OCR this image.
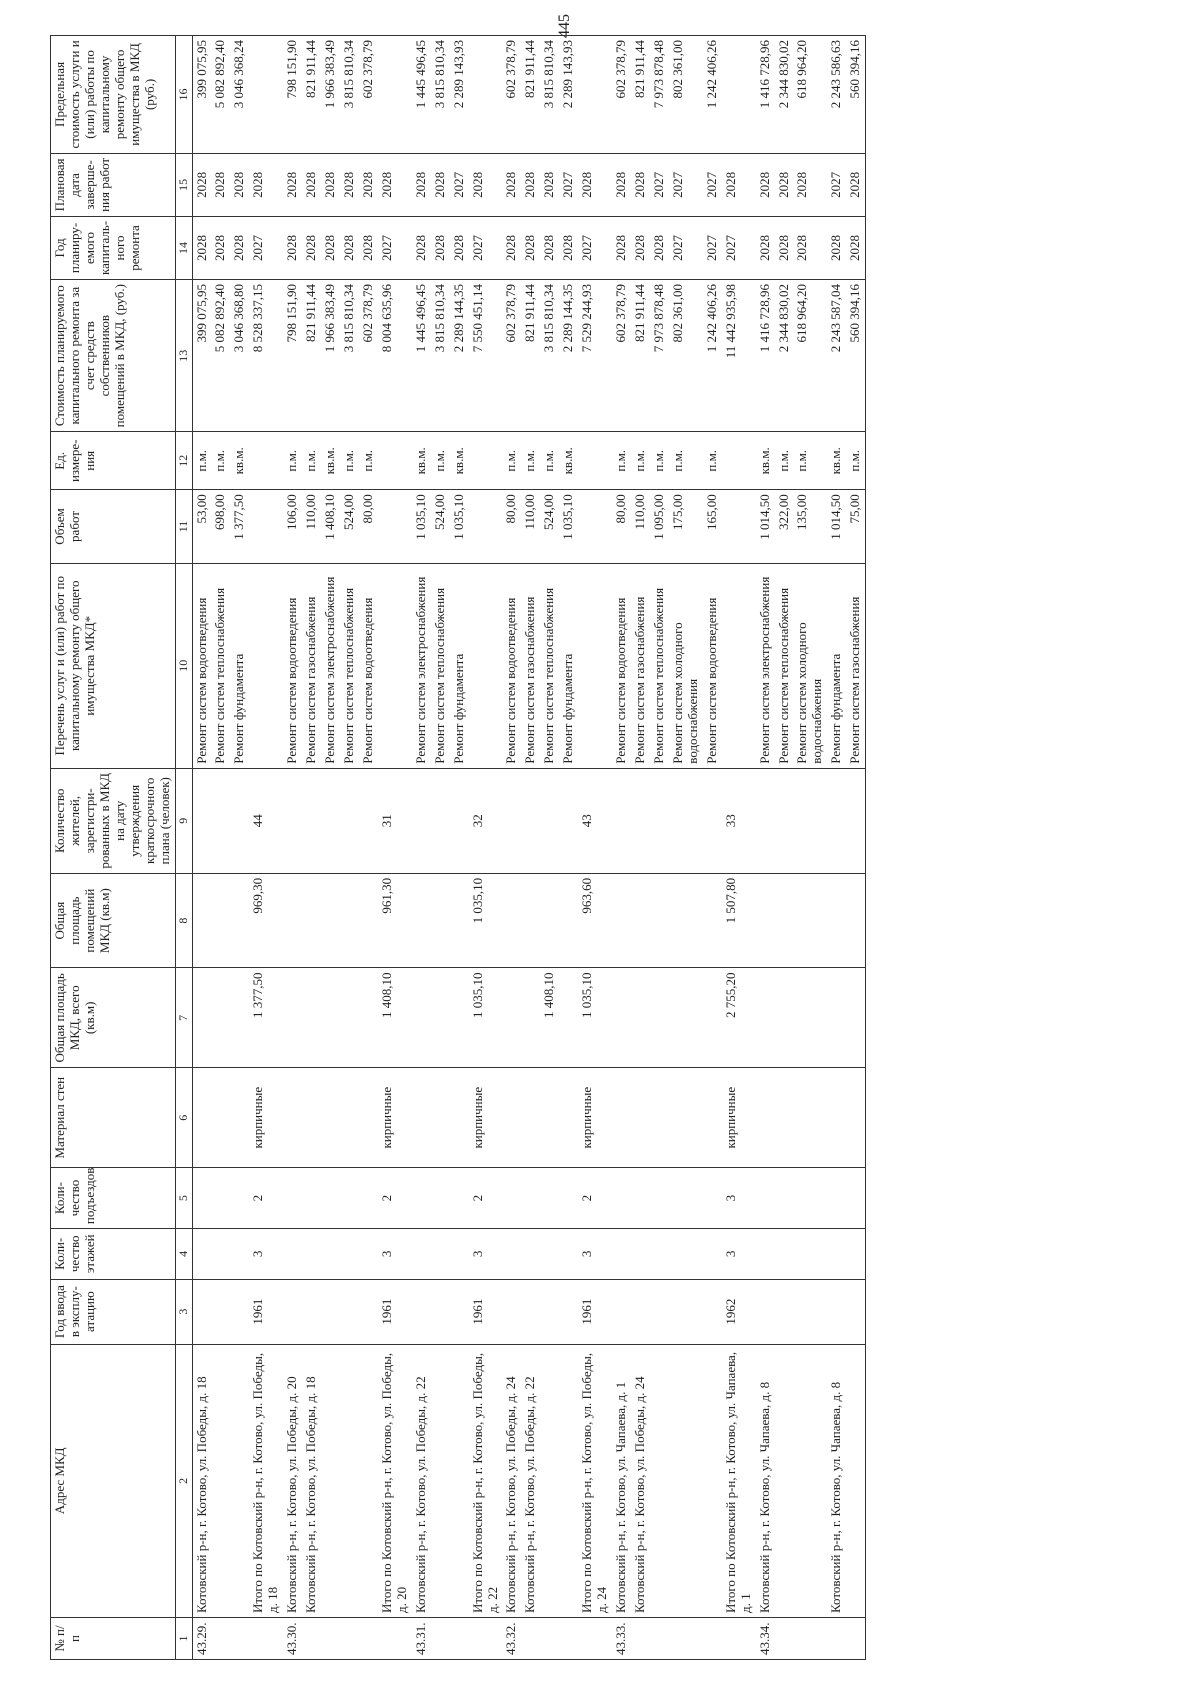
445
№ п/п	Адрес МКД	Год ввода в эксплу-атацию	Коли-чество этажей	Коли-чество подъездов	Материал стен	Общая площадь МКД, всего (кв.м)	Общая площадь помещений МКД (кв.м)	Количество жителей, зарегистри-рованных в МКД на дату утверждения краткосрочного плана (человек)	Перечень услуг и (или) работ по капитальному ремонту общего имущества МКД*	Объем работ	Ед. измере-ния	Стоимость планируемого капитального ремонта за счет средств собственников помещений в МКД, (руб.)	Год планиру-емого капиталь-ного ремонта	Плановая дата заверше-ния работ	Предельная стоимость услуги и (или) работы по капитальному ремонту общего имущества в МКД (руб.)
1	2	3	4	5	6	7	8	9	10	11	12	13	14	15	16
43.29.	Котовский р-н, г. Котово, ул. Победы, д. 18								Ремонт систем водоотведения	53,00	п.м.	399 075,95	2028	2028	399 075,95
									Ремонт систем теплоснабжения	698,00	п.м.	5 082 892,40	2028	2028	5 082 892,40
									Ремонт фундамента	1 377,50	кв.м.	3 046 368,80	2028	2028	3 046 368,24
	Итого по Котовский р-н, г. Котово, ул. Победы, д. 18	1961	3	2	кирпичные	1 377,50	969,30	44				8 528 337,15	2027	2028	
43.30.	Котовский р-н, г. Котово, ул. Победы, д. 20								Ремонт систем водоотведения	106,00	п.м.	798 151,90	2028	2028	798 151,90
	Котовский р-н, г. Котово, ул. Победы, д. 18								Ремонт систем газоснабжения	110,00	п.м.	821 911,44	2028	2028	821 911,44
									Ремонт систем электроснабжения	1 408,10	кв.м.	1 966 383,49	2028	2028	1 966 383,49
									Ремонт систем теплоснабжения	524,00	п.м.	3 815 810,34	2028	2028	3 815 810,34
									Ремонт систем водоотведения	80,00	п.м.	602 378,79	2028	2028	602 378,79
	Итого по Котовский р-н, г. Котово, ул. Победы, д. 20	1961	3	2	кирпичные	1 408,10	961,30	31				8 004 635,96	2027	2028	
43.31.	Котовский р-н, г. Котово, ул. Победы, д. 22								Ремонт систем электроснабжения	1 035,10	кв.м.	1 445 496,45	2028	2028	1 445 496,45
									Ремонт систем теплоснабжения	524,00	п.м.	3 815 810,34	2028	2028	3 815 810,34
									Ремонт фундамента	1 035,10	кв.м.	2 289 144,35	2028	2027	2 289 143,93
	Итого по Котовский р-н, г. Котово, ул. Победы, д. 22	1961	3	2	кирпичные	1 035,10	1 035,10	32				7 550 451,14	2027	2028	
43.32.	Котовский р-н, г. Котово, ул. Победы, д. 24								Ремонт систем водоотведения	80,00	п.м.	602 378,79	2028	2028	602 378,79
	Котовский р-н, г. Котово, ул. Победы, д. 22								Ремонт систем газоснабжения	110,00	п.м.	821 911,44	2028	2028	821 911,44
						1 408,10			Ремонт систем теплоснабжения	524,00	п.м.	3 815 810,34	2028	2028	3 815 810,34
									Ремонт фундамента	1 035,10	кв.м.	2 289 144,35	2028	2027	2 289 143,93
	Итого по Котовский р-н, г. Котово, ул. Победы, д. 24	1961	3	2	кирпичные	1 035,10	963,60	43				7 529 244,93	2027	2028	
43.33.	Котовский р-н, г. Котово, ул. Чапаева, д. 1								Ремонт систем водоотведения	80,00	п.м.	602 378,79	2028	2028	602 378,79
	Котовский р-н, г. Котово, ул. Победы, д. 24								Ремонт систем газоснабжения	110,00	п.м.	821 911,44	2028	2028	821 911,44
									Ремонт систем теплоснабжения	1 095,00	п.м.	7 973 878,48	2028	2027	7 973 878,48
									Ремонт систем холодного водоснабжения	175,00	п.м.	802 361,00	2027	2027	802 361,00
									Ремонт систем водоотведения	165,00	п.м.	1 242 406,26	2027	2027	1 242 406,26
	Итого по Котовский р-н, г. Котово, ул. Чапаева, д. 1	1962	3	3	кирпичные	2 755,20	1 507,80	33				11 442 935,98	2027	2028	
43.34.	Котовский р-н, г. Котово, ул. Чапаева, д. 8								Ремонт систем электроснабжения	1 014,50	кв.м.	1 416 728,96	2028	2028	1 416 728,96
									Ремонт систем теплоснабжения	322,00	п.м.	2 344 830,02	2028	2028	2 344 830,02
									Ремонт систем холодного водоснабжения	135,00	п.м.	618 964,20	2028	2028	618 964,20
	Котовский р-н, г. Котово, ул. Чапаева, д. 8								Ремонт фундамента	1 014,50	кв.м.	2 243 587,04	2028	2027	2 243 586,63
									Ремонт систем газоснабжения	75,00	п.м.	560 394,16	2028	2028	560 394,16
